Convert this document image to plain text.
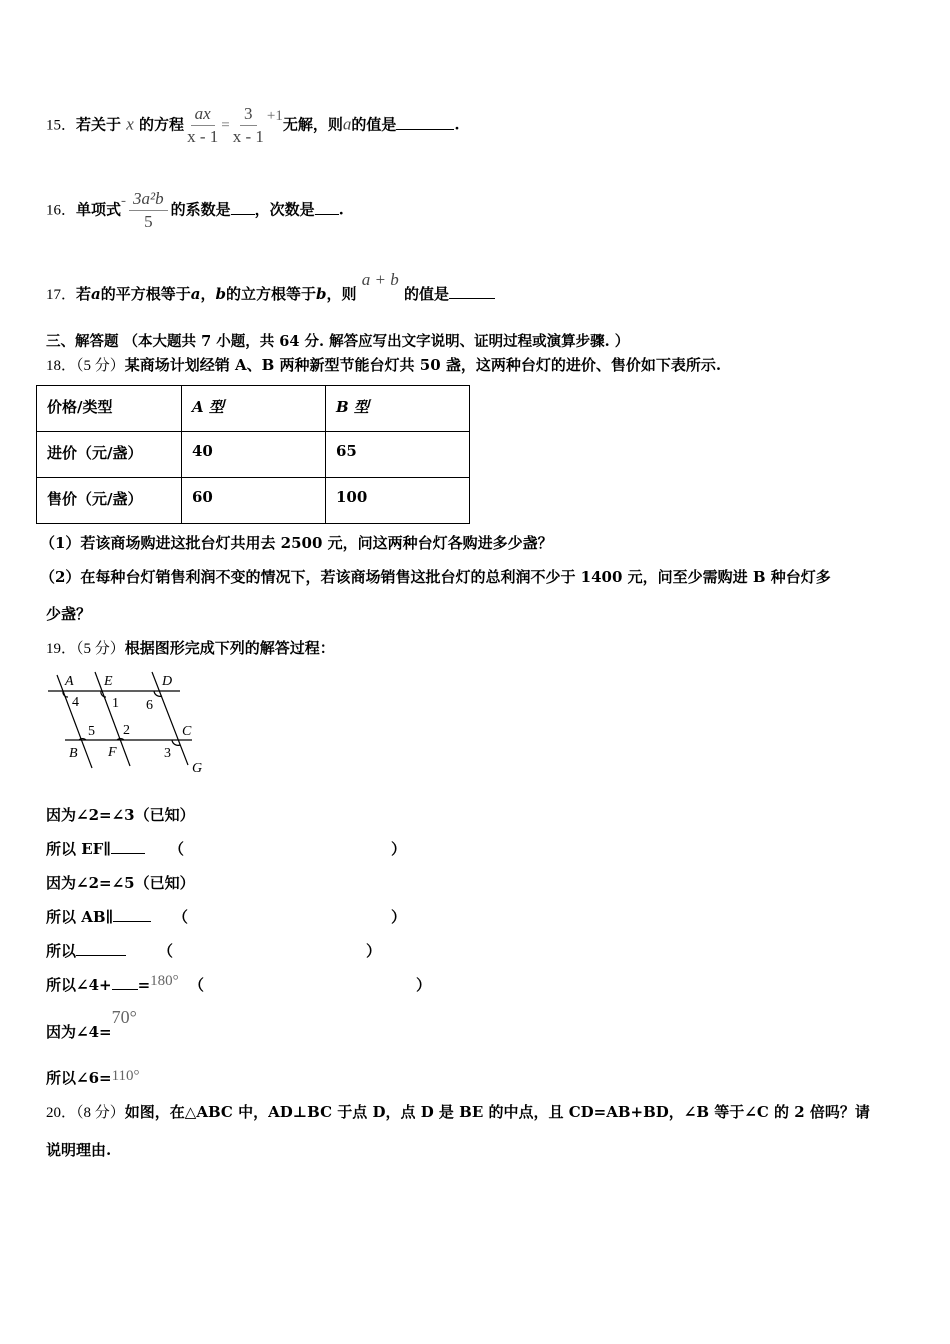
15．若关于 x 的方程 $\frac{ax}{x - 1} = \frac{3}{x - 1} +1$无解，则a的值是	.
16．单项式- $\frac{\text{3a²b}}{5}$ 的系数是 ，次数是 .
17．若a的平方根等于a，b的立方根等于b，则 a + b 的值是
三、解答题 （本大题共 7 小题，共 64 分. 解答应写出文字说明、证明过程或演算步骤. ）
18．（5 分）某商场计划经销 A、B 两种新型节能台灯共 50 盏，这两种台灯的进价、售价如下表所示.
价格/类型	A 型	B 型
进价（元/盏）	40	65
售价（元/盏）	60	100
（1）若该商场购进这批台灯共用去 2500 元，问这两种台灯各购进多少盏？
（2）在每种台灯销售利润不变的情况下，若该商场销售这批台灯的总利润不少于 1400 元，问至少需购进 B 种台灯多
少盏？
19．（5 分）根据图形完成下列的解答过程：
A E	D
4 1 6
5 2	C
B F	3
G
因为∠2=∠3（已知）
所以 EF∥	（	）
因为∠2=∠5（已知）
所以 AB∥	（	）
所以	（	）
所以∠4+ =180° （	）
因为∠4=70°
所以∠6=110°
20．（8 分）如图，在△ABC 中，AD⊥BC 于点 D，点 D 是 BE 的中点，且 CD=AB+BD，∠B 等于∠C 的 2 倍吗？请
说明理由.
